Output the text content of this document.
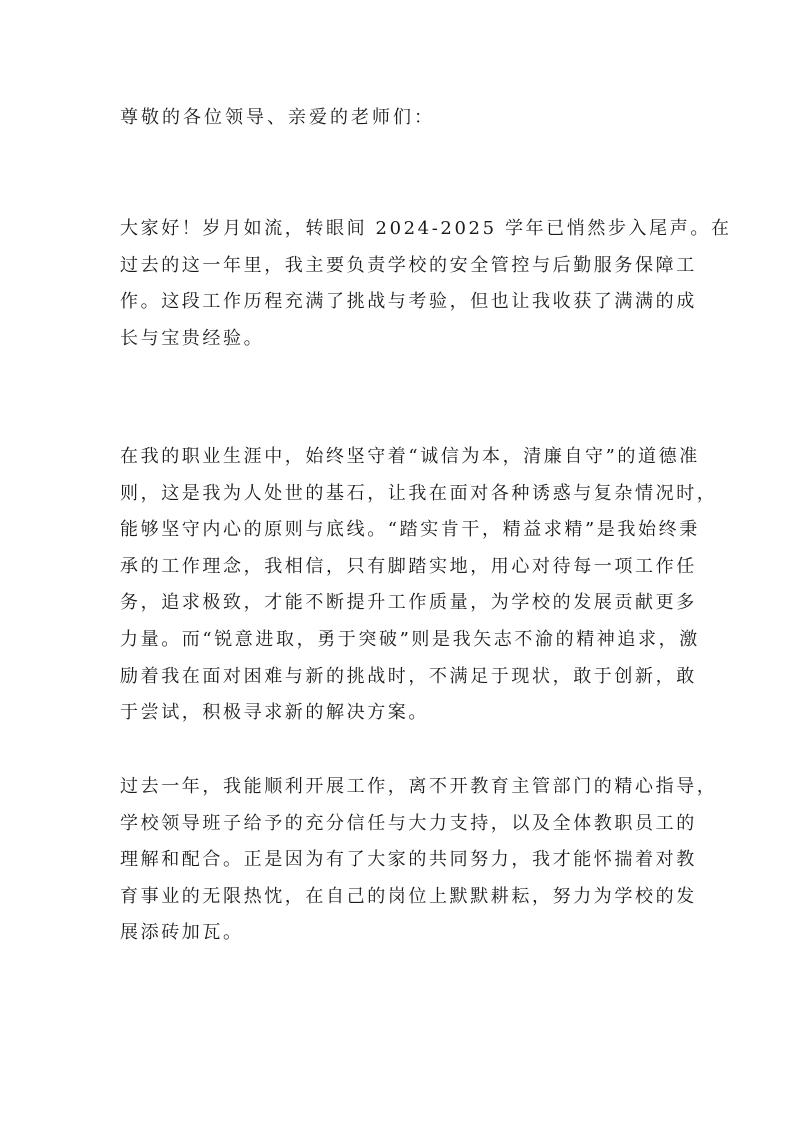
尊敬的各位领导、亲爱的老师们：
大家好！岁月如流，转眼间 2024-2025 学年已悄然步入尾声。在
过去的这一年里，我主要负责学校的安全管控与后勤服务保障工
作。这段工作历程充满了挑战与考验，但也让我收获了满满的成
长与宝贵经验。
在我的职业生涯中，始终坚守着“诚信为本，清廉自守”的道德准
则，这是我为人处世的基石，让我在面对各种诱惑与复杂情况时，
能够坚守内心的原则与底线。“踏实肯干，精益求精”是我始终秉
承的工作理念，我相信，只有脚踏实地，用心对待每一项工作任
务，追求极致，才能不断提升工作质量，为学校的发展贡献更多
力量。而“锐意进取，勇于突破”则是我矢志不渝的精神追求，激
励着我在面对困难与新的挑战时，不满足于现状，敢于创新，敢
于尝试，积极寻求新的解决方案。
过去一年，我能顺利开展工作，离不开教育主管部门的精心指导，
学校领导班子给予的充分信任与大力支持，以及全体教职员工的
理解和配合。正是因为有了大家的共同努力，我才能怀揣着对教
育事业的无限热忱，在自己的岗位上默默耕耘，努力为学校的发
展添砖加瓦。
